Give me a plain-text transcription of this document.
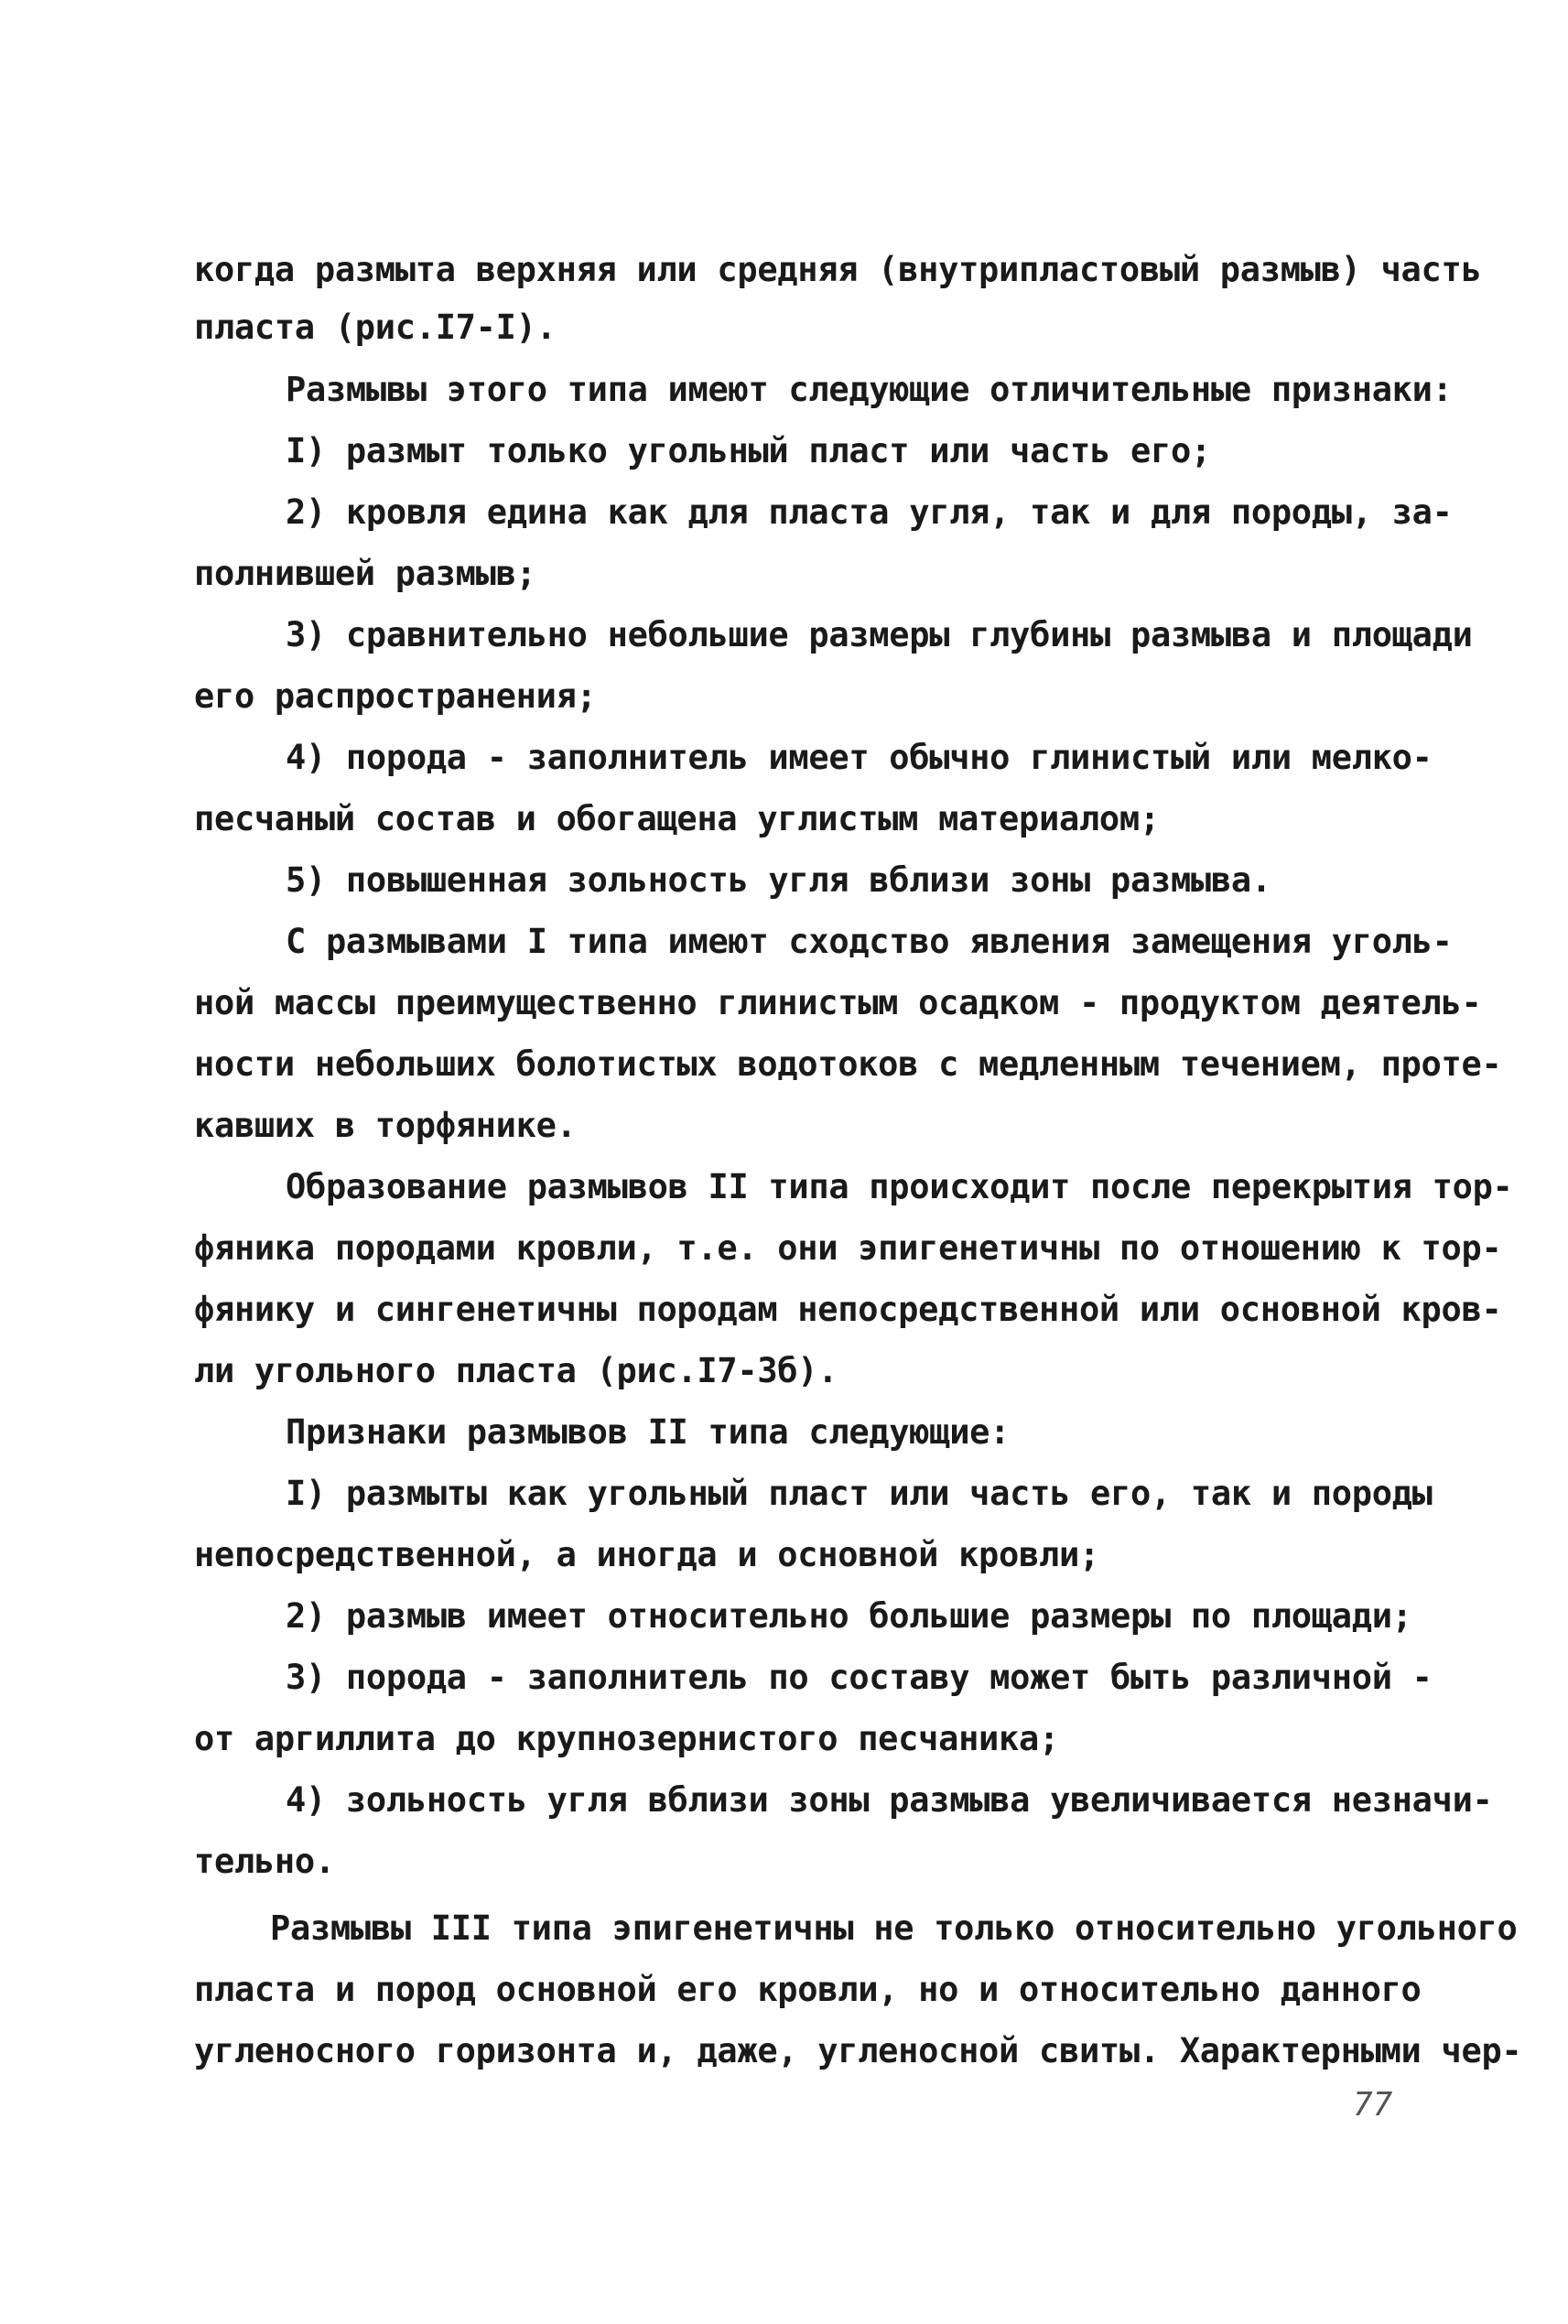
когда размыта верхняя или средняя (внутрипластовый размыв) часть
пласта (рис.I7-I).
Размывы этого типа имеют следующие отличительные признаки:
I) размыт только угольный пласт или часть его;
2) кровля едина как для пласта угля, так и для породы, за-
полнившей размыв;
3) сравнительно небольшие размеры глубины размыва и площади
его распространения;
4) порода - заполнитель имеет обычно глинистый или мелко-
песчаный состав и обогащена углистым материалом;
5) повышенная зольность угля вблизи зоны размыва.
С размывами I типа имеют сходство явления замещения уголь-
ной массы преимущественно глинистым осадком - продуктом деятель-
ности небольших болотистых водотоков с медленным течением, проте-
кавших в торфянике.
Образование размывов II типа происходит после перекрытия тор-
фяника породами кровли, т.е. они эпигенетичны по отношению к тор-
фянику и сингенетичны породам непосредственной или основной кров-
ли угольного пласта (рис.I7-3б).
Признаки размывов II типа следующие:
I) размыты как угольный пласт или часть его, так и породы
непосредственной, а иногда и основной кровли;
2) размыв имеет относительно большие размеры по площади;
3) порода - заполнитель по составу может быть различной -
от аргиллита до крупнозернистого песчаника;
4) зольность угля вблизи зоны размыва увеличивается незначи-
тельно.
Размывы III типа эпигенетичны не только относительно угольного
пласта и пород основной его кровли, но и относительно данного
угленосного горизонта и, даже, угленосной свиты. Характерными чер-
77
